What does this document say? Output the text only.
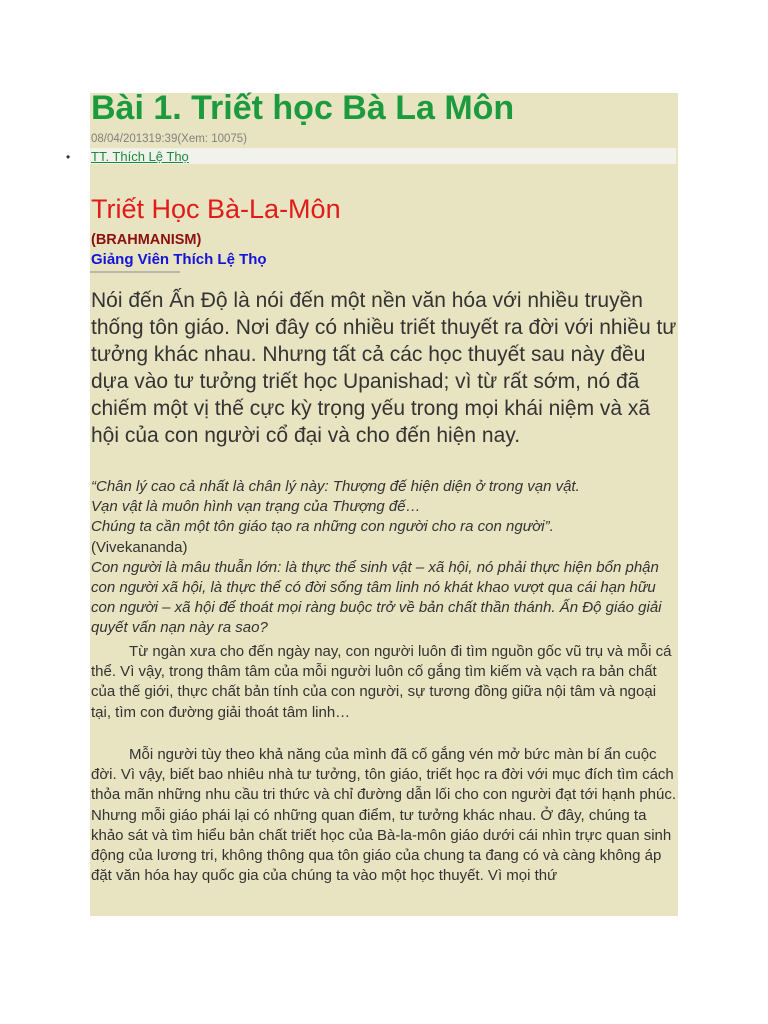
Bài 1. Triết học Bà La Môn
08/04/201319:39(Xem: 10075)
• TT. Thích Lệ Thọ
Triết Học Bà-La-Môn
(BRAHMANISM)
Giảng Viên Thích Lệ Thọ

Nói đến Ấn Độ là nói đến một nền văn hóa với nhiều truyền thống tôn giáo. Nơi đây có nhiều triết thuyết ra đời với nhiều tư tưởng khác nhau. Nhưng tất cả các học thuyết sau này đều dựa vào tư tưởng triết học Upanishad; vì từ rất sớm, nó đã chiếm một vị thế cực kỳ trọng yếu trong mọi khái niệm và xã hội của con người cổ đại và cho đến hiện nay.

“Chân lý cao cả nhất là chân lý này: Thượng đế hiện diện ở trong vạn vật.

Vạn vật là muôn hình vạn trạng của Thượng đế…

Chúng ta cần một tôn giáo tạo ra những con người cho ra con người”.

(Vivekananda)

Con người là mâu thuẫn lớn: là thực thể sinh vật – xã hội, nó phải thực hiện bổn phận con người xã hội, là thực thể có đời sống tâm linh nó khát khao vượt qua cái hạn hữu con người – xã hội để thoát mọi ràng buộc trở về bản chất thần thánh. Ấn Độ giáo giải quyết vấn nạn này ra sao?

Từ ngàn xưa cho đến ngày nay, con người luôn đi tìm nguồn gốc vũ trụ và mỗi cá thể. Vì vậy, trong thâm tâm của mỗi người luôn cố gắng tìm kiếm và vạch ra bản chất của thế giới, thực chất bản tính của con người, sự tương đồng giữa nội tâm và ngoại tại, tìm con đường giải thoát tâm linh…

Mỗi người tùy theo khả năng của mình đã cố gắng vén mở bức màn bí ẩn cuộc đời. Vì vậy, biết bao nhiêu nhà tư tưởng, tôn giáo, triết học ra đời với mục đích tìm cách thỏa mãn những nhu cầu tri thức và chỉ đường dẫn lối cho con người đạt tới hạnh phúc. Nhưng mỗi giáo phái lại có những quan điểm, tư tưởng khác nhau. Ở đây, chúng ta khảo sát và tìm hiểu bản chất triết học của Bà-la-môn giáo dưới cái nhìn trực quan sinh động của lương tri, không thông qua tôn giáo của chung ta đang có và càng không áp đặt văn hóa hay quốc gia của chúng ta vào một học thuyết. Vì mọi thứ
